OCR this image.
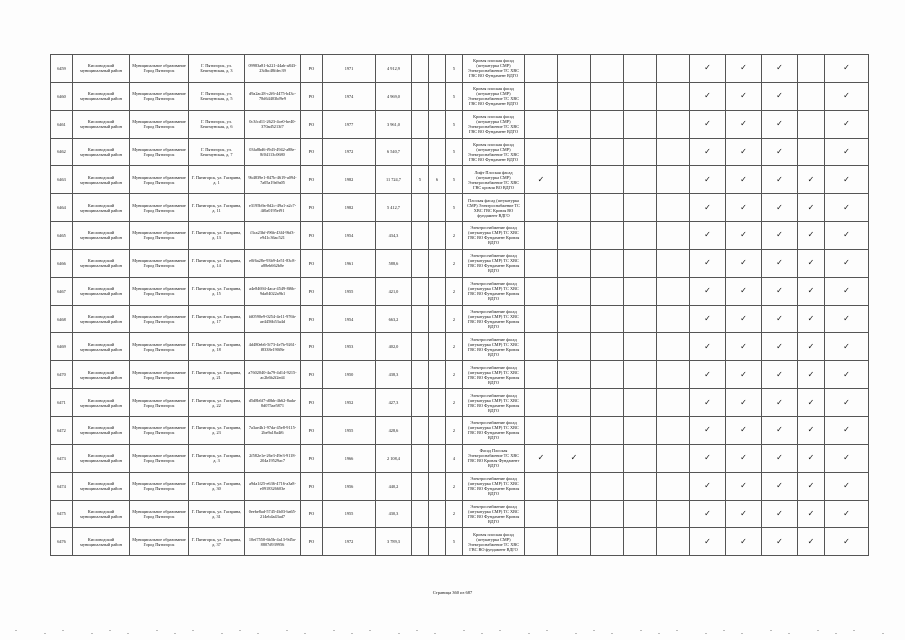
6459	Кисловодский муниципальный район	Муниципальное образование Город Пятигорск	Г. Пятигорск, ул. Бештаунская, д. 3	09983a81-b221-44ab-a843-23dbc48fdec39	РО	1971	4 912,9			5	Кровля плоская фасад (штукатурка СМР) Электроснабжение ТС ХВС ГВС ВО Фундамент ВДГО						✓	✓	✓		✓
6460	Кисловодский муниципальный район	Муниципальное образование Город Пятигорск	Г. Пятигорск, ул. Бештаунская, д. 5	d9a2ac28-c2f6-4475-b43c-78d64403bf9e9	РО	1974	4 969,0			5	Кровля плоская фасад (штукатурка СМР) Электроснабжение ТС ХВС ГВС ВО Фундамент ВДГО						✓	✓	✓		✓
6461	Кисловодский муниципальный район	Муниципальное образование Город Пятигорск	Г. Пятигорск, ул. Бештаунская, д. 6	0c3fcd11-2623-4ce0-be40-370ad5213f7	РО	1977	3 961,0			5	Кровля плоская фасад (штукатурка СМР) Электроснабжение ТС ХВС ГВС ВО Фундамент ВДГО						✓	✓	✓		✓
6462	Кисловодский муниципальный район	Муниципальное образование Город Пятигорск	Г. Пятигорск, ул. Бештаунская, д. 7	03fa8bd6-f9d3-4942-a88e-8f04113c0680	РО	1972	6 540,7			5	Кровля плоская фасад (штукатурка СМР) Электроснабжение ТС ХВС ГВС ВО Фундамент ВДГО						✓	✓	✓		✓
6463	Кисловодский муниципальный район	Муниципальное образование Город Пятигорск	Г. Пятигорск, ул. Гагарина, д. 1	9b4839e1-847b-4619-a094-7a05a19a9a05	РО	1982	11 724,7	5	6	5	Лифт Плоская фасад (штукатурка СМР) Электроснабжение ТС ХВС ГВС кровля ВО ВДГО	✓					✓	✓	✓	✓	✓
6464	Кисловодский муниципальный район	Муниципальное образование Город Пятигорск	Г. Пятигорск, ул. Гагарина, д. 11	e3195b9a-0d2c-49a1-a2c7-4f0a0195ef91	РО	1982	5 412,7			5	Плоская фасад (штукатурка СМР) Электроснабжение ТС ХВС ГВС Кровля ВО фундамент ВДГО						✓	✓	✓	✓	✓
6465	Кисловодский муниципальный район	Муниципальное образование Город Пятигорск	Г. Пятигорск, ул. Гагарина, д. 13	f3ca23bf-f96b-43f4-9bf3-e941c36ac521	РО	1954	434,3			2	Электроснабжение фасад (штукатурка СМР) ТС ХВС ГВС ВО Фундамент Кровля ВДГО						✓	✓	✓	✓	✓
6466	Кисловодский муниципальный район	Муниципальное образование Город Пятигорск	Г. Пятигорск, ул. Гагарина, д. 14	e0f6a28e-93b9-4e51-83c8-a88eb662b0e	РО	1961	588,6			2	Электроснабжение фасад (штукатурка СМР) ТС ХВС ГВС ВО Фундамент Кровля ВДГО						✓	✓	✓	✓	✓
6467	Кисловодский муниципальный район	Муниципальное образование Город Пятигорск	Г. Пятигорск, ул. Гагарина, д. 15	a4e84694-4aca-4549-8f6b-9da04022a9b1	РО	1955	421,0			2	Электроснабжение фасад (штукатурка СМР) ТС ХВС ГВС ВО Фундамент Кровля ВДГО						✓	✓	✓	✓	✓
6468	Кисловодский муниципальный район	Муниципальное образование Город Пятигорск	Г. Пятигорск, ул. Гагарина, д. 17	fd0590e9-0254-4e11-976b-ae4456b53a4d	РО	1954	663,2			2	Электроснабжение фасад (штукатурка СМР) ТС ХВС ГВС ВО Фундамент Кровля ВДГО						✓	✓	✓	✓	✓
6469	Кисловодский муниципальный район	Муниципальное образование Город Пятигорск	Г. Пятигорск, ул. Гагарина, д. 18	4d480eb6-5f73-4e7b-9261-f8338e190f8e	РО	1953	402,0			2	Электроснабжение фасад (штукатурка СМР) ТС ХВС ГВС ВО Фундамент Кровля ВДГО						✓	✓	✓	✓	✓
6470	Кисловодский муниципальный район	Муниципальное образование Город Пятигорск	Г. Пятигорск, ул. Гагарина, д. 21	a7602040-4a79-4d14-9215-ac2b6b2f2ed4	РО	1950	438,3			2	Электроснабжение фасад (штукатурка СМР) ТС ХВС ГВС ВО Фундамент Кровля ВДГО						✓	✓	✓	✓	✓
6471	Кисловодский муниципальный район	Муниципальное образование Город Пятигорск	Г. Пятигорск, ул. Гагарина, д. 22	d5d8b6f7-d0bb-4b62-8ada-8d075ae5871	РО	1952	427,3			2	Электроснабжение фасад (штукатурка СМР) ТС ХВС ГВС ВО Фундамент Кровля ВДГО						✓	✓	✓	✓	✓
6472	Кисловодский муниципальный район	Муниципальное образование Город Пятигорск	Г. Пятигорск, ул. Гагарина, д. 23	7a3ae4b1-97da-45e8-9115-2be9a18a4f6	РО	1955	428,6			2	Электроснабжение фасад (штукатурка СМР) ТС ХВС ГВС ВО Фундамент Кровля ВДГО						✓	✓	✓	✓	✓
6473	Кисловодский муниципальный район	Муниципальное образование Город Пятигорск	Г. Пятигорск, ул. Гагарина, д. 3	2f582e1e-26e3-49e3-9118-204a19529ac7	РО	1966	2 108,4			4	Фасад Плоская Электроснабжение ТС ХВС ГВС ВО Кровля Фундамент ВДГО	✓	✓				✓	✓	✓	✓	✓
6474	Кисловодский муниципальный район	Муниципальное образование Город Пятигорск	Г. Пятигорск, ул. Гагарина, д. 30	a9da1f25-e636-4716-a3a8-e0918326603e	РО	1956	440,2			2	Электроснабжение фасад (штукатурка СМР) ТС ХВС ГВС ВО Фундамент Кровля ВДГО						✓	✓	✓	✓	✓
6475	Кисловодский муниципальный район	Муниципальное образование Город Пятигорск	Г. Пятигорск, ул. Гагарина, д. 31	0eebe8ad-5745-4b03-ba65-214eb4a43ad7	РО	1955	430,3			2	Электроснабжение фасад (штукатурка СМР) ТС ХВС ГВС ВО Фундамент Кровля ВДГО						✓	✓	✓	✓	✓
6476	Кисловодский муниципальный район	Муниципальное образование Город Пятигорск	Г. Пятигорск, ул. Гагарина, д. 37	10ef7550-6b5b-4a13-9d5a-8807d939956	РО	1972	3 789,3			5	Кровля плоская фасад (штукатурка СМР) Электроснабжение ТС ХВС ГВС ВО фундамент ВДГО						✓	✓	✓	✓	✓
Страница 360 из 687
